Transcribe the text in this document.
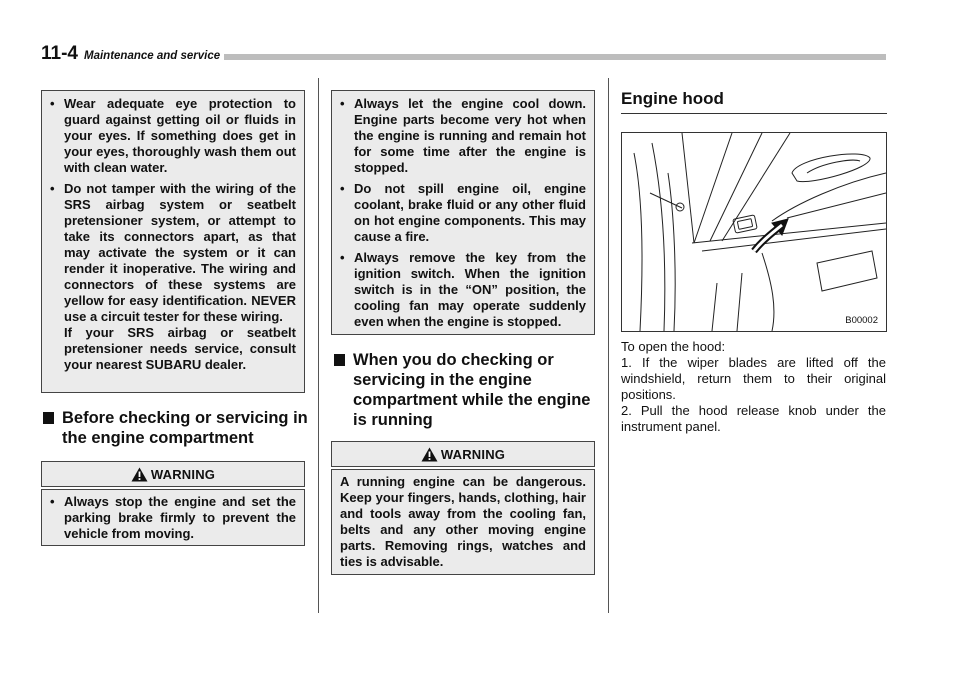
11-4 Maintenance and service
• Wear adequate eye protection to guard against getting oil or fluids in your eyes. If something does get in your eyes, thoroughly wash them out with clean water.
• Do not tamper with the wiring of the SRS airbag system or seatbelt pretensioner system, or attempt to take its connectors apart, as that may activate the system or it can render it inoperative. The wiring and connectors of these systems are yellow for easy identification. NEVER use a circuit tester for these wiring.
If your SRS airbag or seatbelt pretensioner needs service, consult your nearest SUBARU dealer.
Before checking or servicing in the engine compartment
WARNING
• Always stop the engine and set the parking brake firmly to prevent the vehicle from moving.
• Always let the engine cool down. Engine parts become very hot when the engine is running and remain hot for some time after the engine is stopped.
• Do not spill engine oil, engine coolant, brake fluid or any other fluid on hot engine components. This may cause a fire.
• Always remove the key from the ignition switch. When the ignition switch is in the “ON” position, the cooling fan may operate suddenly even when the engine is stopped.
When you do checking or servicing in the engine compartment while the engine is running
WARNING
A running engine can be dangerous. Keep your fingers, hands, clothing, hair and tools away from the cooling fan, belts and any other moving engine parts. Removing rings, watches and ties is advisable.
Engine hood
B00002

To open the hood:

1. If the wiper blades are lifted off the windshield, return them to their original positions.

2. Pull the hood release knob under the instrument panel.
